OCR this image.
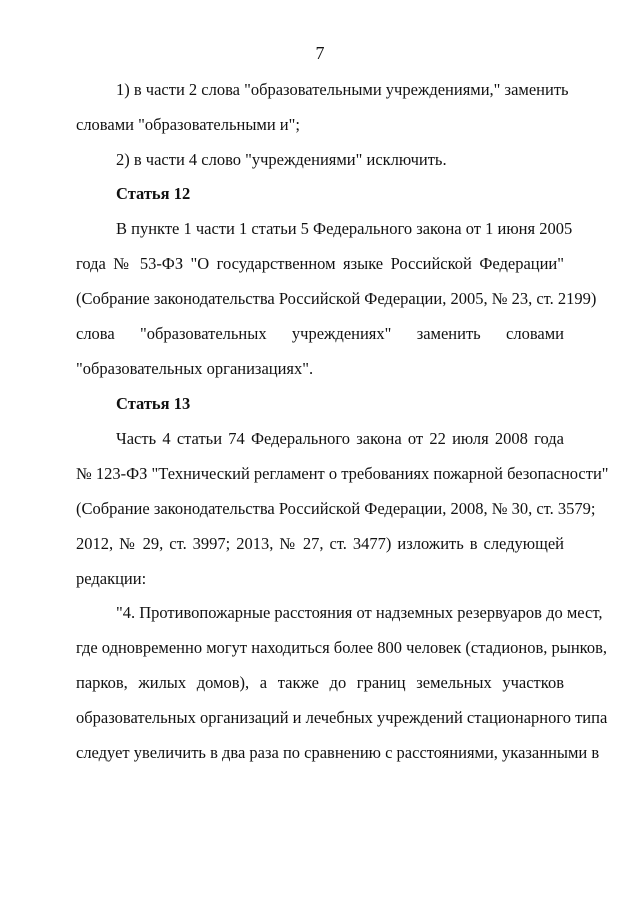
7
1) в части 2 слова "образовательными учреждениями," заменить
словами "образовательными и";
2) в части 4 слово "учреждениями" исключить.
Статья 12
В пункте 1 части 1 статьи 5 Федерального закона от 1 июня 2005
года № 53-ФЗ "О государственном языке Российской Федерации"
(Собрание законодательства Российской Федерации, 2005, № 23, ст. 2199)
слова "образовательных учреждениях" заменить словами
"образовательных организациях".
Статья 13
Часть 4 статьи 74 Федерального закона от 22 июля 2008 года
№ 123-ФЗ "Технический регламент о требованиях пожарной безопасности"
(Собрание законодательства Российской Федерации, 2008, № 30, ст. 3579;
2012, № 29, ст. 3997; 2013, № 27, ст. 3477) изложить в следующей
редакции:
"4. Противопожарные расстояния от надземных резервуаров до мест,
где одновременно могут находиться более 800 человек (стадионов, рынков,
парков, жилых домов), а также до границ земельных участков
образовательных организаций и лечебных учреждений стационарного типа
следует увеличить в два раза по сравнению с расстояниями, указанными в
